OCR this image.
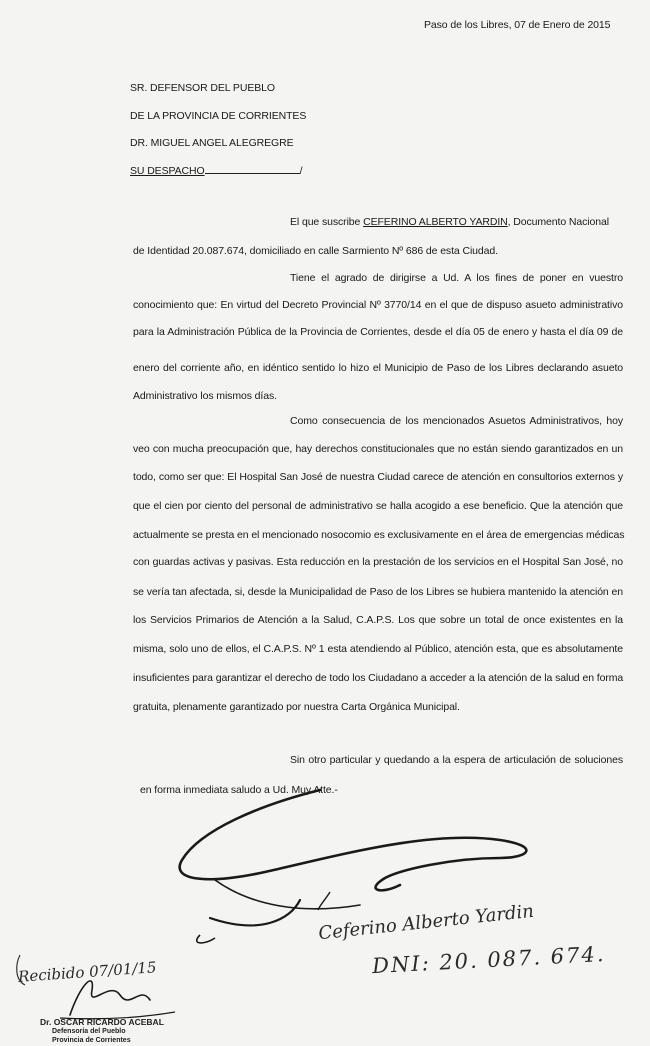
Paso de los Libres, 07 de Enero de 2015
SR. DEFENSOR DEL PUEBLO
DE LA PROVINCIA DE CORRIENTES
DR. MIGUEL ANGEL ALEGREGRE
SU DESPACHO	/
El que suscribe CEFERINO ALBERTO YARDIN, Documento Nacional
de Identidad 20.087.674, domiciliado en calle Sarmiento Nº 686 de esta Ciudad.
Tiene el agrado de dirigirse a Ud. A los fines de poner en vuestro
conocimiento que: En virtud del Decreto Provincial Nº 3770/14 en el que de dispuso asueto administrativo
para la Administración Pública de la Provincia de Corrientes, desde el día 05 de enero y hasta el día 09 de
enero del corriente año, en idéntico sentido lo hizo el Municipio de Paso de los Libres declarando asueto
Administrativo los mismos días.
Como consecuencia de los mencionados Asuetos Administrativos, hoy
veo con mucha preocupación que, hay derechos constitucionales que no están siendo garantizados en un
todo, como ser que: El Hospital San José de nuestra Ciudad carece de atención en consultorios externos y
que el cien por ciento del personal de administrativo se halla acogido a ese beneficio. Que la atención que
actualmente se presta en el mencionado nosocomio es exclusivamente en el área de emergencias médicas
con guardas activas y pasivas. Esta reducción en la prestación de los servicios en el Hospital San José, no
se vería tan afectada, si, desde la Municipalidad de Paso de los Libres se hubiera mantenido la atención en
los Servicios Primarios de Atención a la Salud, C.A.P.S. Los que sobre un total de once existentes en la
misma, solo uno de ellos, el C.A.P.S. Nº 1 esta atendiendo al Público, atención esta, que es absolutamente
insuficientes para garantizar el derecho de todo los Ciudadano a acceder a la atención de la salud en forma
gratuita, plenamente garantizado por nuestra Carta Orgánica Municipal.
Sin otro particular y quedando a la espera de articulación de soluciones
en forma inmediata saludo a Ud. Muy Atte.-
Ceferino Alberto Yardin
DNI: 20. 087. 674.
Recibido 07/01/15
Dr. OSCAR RICARDO ACEBAL
Defensoría del Pueblo
Provincia de Corrientes
